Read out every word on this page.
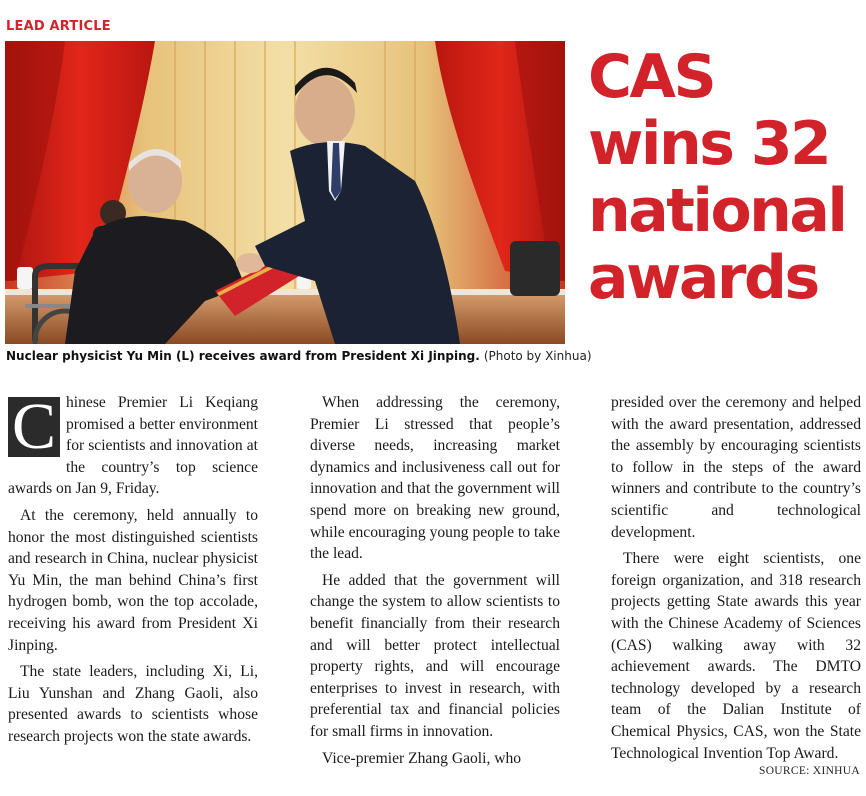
LEAD ARTICLE
Nuclear physicist Yu Min (L) receives award from President Xi Jinping. (Photo by Xinhua)
CAS
wins 32
national
awards

C hinese Premier Li Keqiang promised a better environment for scientists and innovation at the country’s top science awards on Jan 9, Friday.

At the ceremony, held annually to honor the most distinguished scientists and research in China, nuclear physicist Yu Min, the man behind China’s first hydrogen bomb, won the top accolade, receiving his award from President Xi Jinping.

The state leaders, including Xi, Li, Liu Yunshan and Zhang Gaoli, also presented awards to scientists whose research projects won the state awards.

When addressing the ceremony, Premier Li stressed that people’s diverse needs, increasing market dynamics and inclusiveness call out for innovation and that the government will spend more on breaking new ground, while encouraging young people to take the lead.

He added that the government will change the system to allow scientists to benefit financially from their research and will better protect intellectual property rights, and will encourage enterprises to invest in research, with preferential tax and financial policies for small firms in innovation.

Vice-premier Zhang Gaoli, who

presided over the ceremony and helped with the award presentation, addressed the assembly by encouraging scientists to follow in the steps of the award winners and contribute to the country’s scientific and technological development.

There were eight scientists, one foreign organization, and 318 research projects getting State awards this year with the Chinese Academy of Sciences (CAS) walking away with 32 achievement awards. The DMTO technology developed by a research team of the Dalian Institute of Chemical Physics, CAS, won the State Technological Invention Top Award.

SOURCE: XINHUA
